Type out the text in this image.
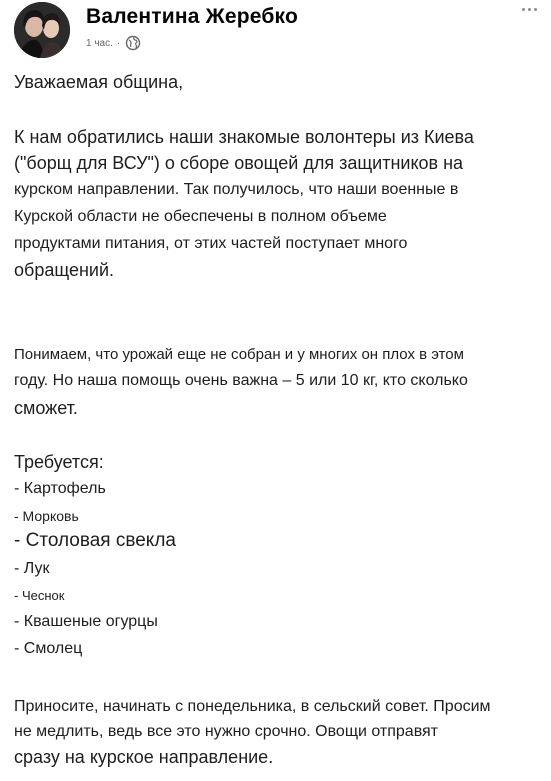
Валентина Жеребко
1 час. ·
Уважаемая община,
К нам обратились наши знакомые волонтеры из Киева
("борщ для ВСУ") о сборе овощей для защитников на
курском направлении. Так получилось, что наши военные в
Курской области не обеспечены в полном объеме
продуктами питания, от этих частей поступает много
обращений.
Понимаем, что урожай еще не собран и у многих он плох в этом
году. Но наша помощь очень важна – 5 или 10 кг, кто сколько
сможет.
Требуется:
- Картофель
- Морковь
- Столовая свекла
- Лук
- Чеснок
- Квашеные огурцы
- Смолец
Приносите, начинать с понедельника, в сельский совет. Просим
не медлить, ведь все это нужно срочно. Овощи отправят
сразу на курское направление.
